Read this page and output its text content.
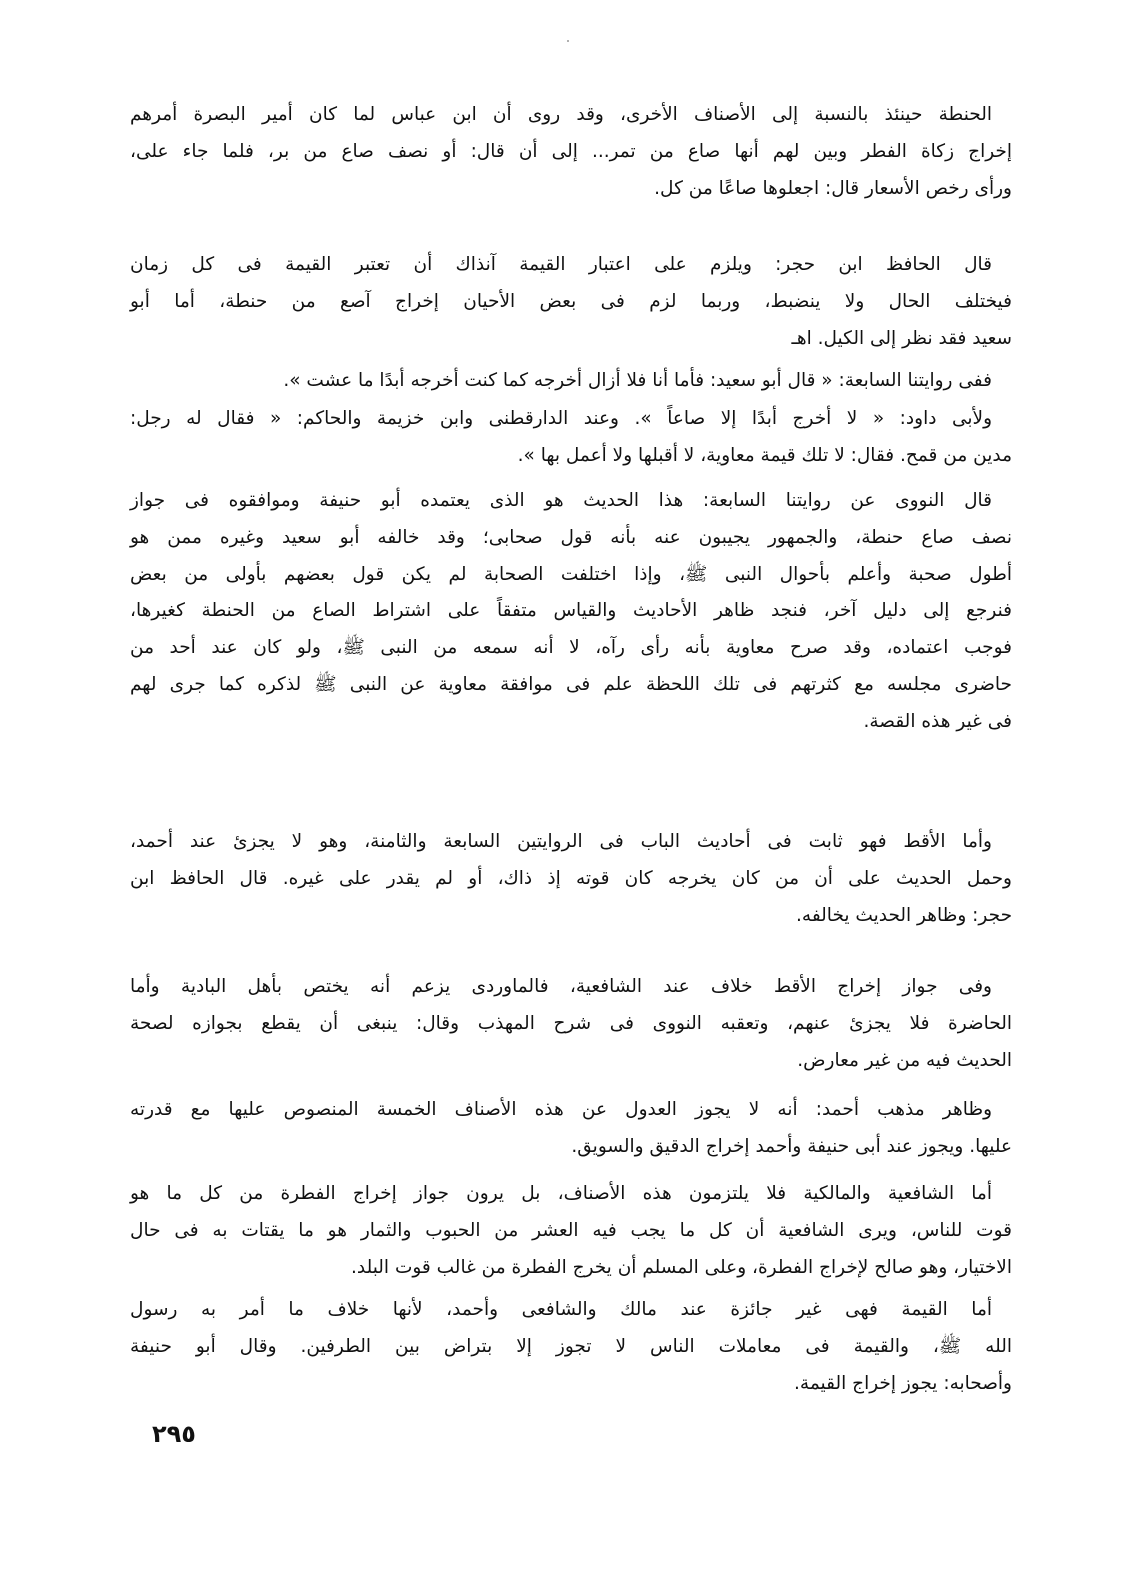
الحنطة حينئذ بالنسبة إلى الأصناف الأخرى، وقد روى أن ابن عباس لما كان أمير البصرة أمرهم
إخراج زكاة الفطر وبين لهم أنها صاع من تمر... إلى أن قال: أو نصف صاع من بر، فلما جاء على،
ورأى رخص الأسعار قال: اجعلوها صاعًا من كل.
قال الحافظ ابن حجر: ويلزم على اعتبار القيمة آنذاك أن تعتبر القيمة فى كل زمان
فيختلف الحال ولا ينضبط، وربما لزم فى بعض الأحيان إخراج آصع من حنطة، أما أبو
سعيد فقد نظر إلى الكيل. اهـ
ففى روايتنا السابعة: « قال أبو سعيد: فأما أنا فلا أزال أخرجه كما كنت أخرجه أبدًا ما عشت ».
ولأبى داود: « لا أخرج أبدًا إلا صاعاً ». وعند الدارقطنى وابن خزيمة والحاكم: « فقال له رجل:
مدين من قمح. فقال: لا تلك قيمة معاوية، لا أقبلها ولا أعمل بها ».
قال النووى عن روايتنا السابعة: هذا الحديث هو الذى يعتمده أبو حنيفة وموافقوه فى جواز
نصف صاع حنطة، والجمهور يجيبون عنه بأنه قول صحابى؛ وقد خالفه أبو سعيد وغيره ممن هو
أطول صحبة وأعلم بأحوال النبى ﷺ، وإذا اختلفت الصحابة لم يكن قول بعضهم بأولى من بعض
فنرجع إلى دليل آخر، فنجد ظاهر الأحاديث والقياس متفقاً على اشتراط الصاع من الحنطة كغيرها،
فوجب اعتماده، وقد صرح معاوية بأنه رأى رآه، لا أنه سمعه من النبى ﷺ، ولو كان عند أحد من
حاضرى مجلسه مع كثرتهم فى تلك اللحظة علم فى موافقة معاوية عن النبى ﷺ لذكره كما جرى لهم
فى غير هذه القصة.
وأما الأقط فهو ثابت فى أحاديث الباب فى الروايتين السابعة والثامنة، وهو لا يجزئ عند أحمد،
وحمل الحديث على أن من كان يخرجه كان قوته إذ ذاك، أو لم يقدر على غيره. قال الحافظ ابن
حجر: وظاهر الحديث يخالفه.
وفى جواز إخراج الأقط خلاف عند الشافعية، فالماوردى يزعم أنه يختص بأهل البادية وأما
الحاضرة فلا يجزئ عنهم، وتعقبه النووى فى شرح المهذب وقال: ينبغى أن يقطع بجوازه لصحة
الحديث فيه من غير معارض.
وظاهر مذهب أحمد: أنه لا يجوز العدول عن هذه الأصناف الخمسة المنصوص عليها مع قدرته
عليها. ويجوز عند أبى حنيفة وأحمد إخراج الدقيق والسويق.
أما الشافعية والمالكية فلا يلتزمون هذه الأصناف، بل يرون جواز إخراج الفطرة من كل ما هو
قوت للناس، ويرى الشافعية أن كل ما يجب فيه العشر من الحبوب والثمار هو ما يقتات به فى حال
الاختيار، وهو صالح لإخراج الفطرة، وعلى المسلم أن يخرج الفطرة من غالب قوت البلد.
أما القيمة فهى غير جائزة عند مالك والشافعى وأحمد، لأنها خلاف ما أمر به رسول
الله ﷺ، والقيمة فى معاملات الناس لا تجوز إلا بتراض بين الطرفين. وقال أبو حنيفة
وأصحابه: يجوز إخراج القيمة.
٢٩٥
